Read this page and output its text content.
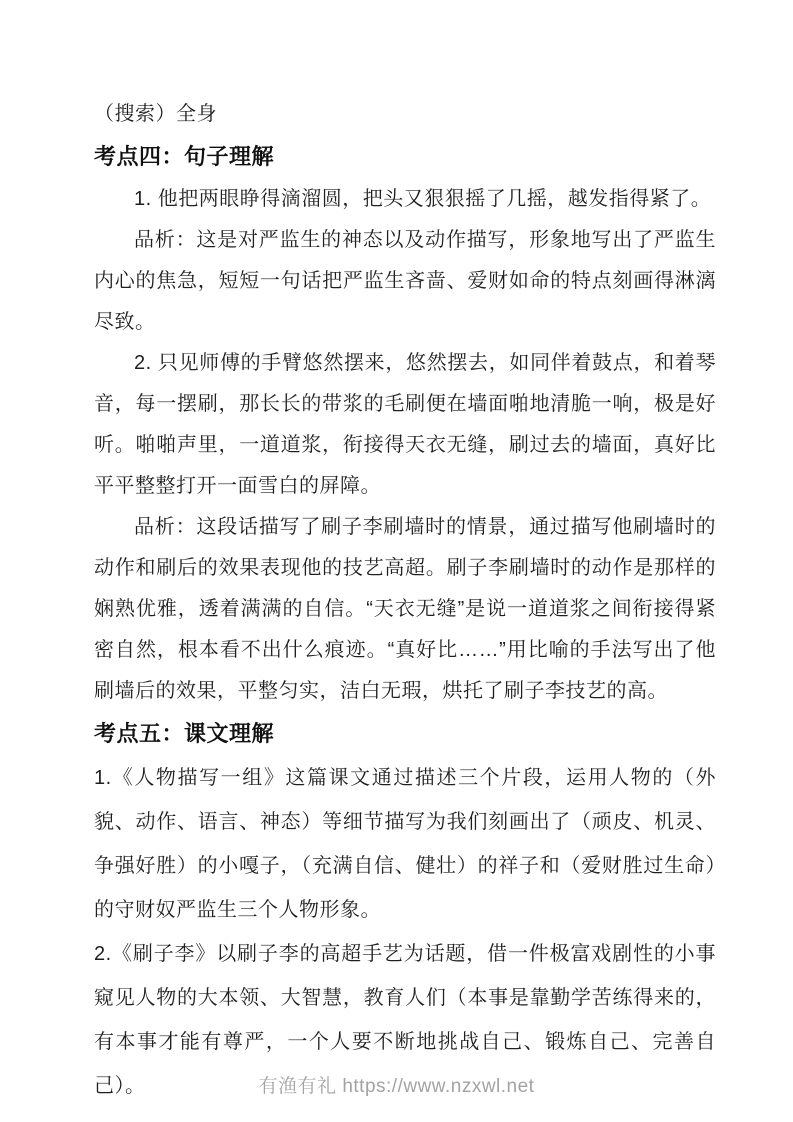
（搜索）全身

考点四：句子理解

1. 他把两眼睁得滴溜圆，把头又狠狠摇了几摇，越发指得紧了。

品析：这是对严监生的神态以及动作描写，形象地写出了严监生内心的焦急，短短一句话把严监生吝啬、爱财如命的特点刻画得淋漓尽致。

2. 只见师傅的手臂悠然摆来，悠然摆去，如同伴着鼓点，和着琴音，每一摆刷，那长长的带浆的毛刷便在墙面啪地清脆一响，极是好听。啪啪声里，一道道浆，衔接得天衣无缝，刷过去的墙面，真好比平平整整打开一面雪白的屏障。

品析：这段话描写了刷子李刷墙时的情景，通过描写他刷墙时的动作和刷后的效果表现他的技艺高超。刷子李刷墙时的动作是那样的娴熟优雅，透着满满的自信。“天衣无缝”是说一道道浆之间衔接得紧密自然，根本看不出什么痕迹。“真好比……”用比喻的手法写出了他刷墙后的效果，平整匀实，洁白无瑕，烘托了刷子李技艺的高。

考点五：课文理解

1.《人物描写一组》这篇课文通过描述三个片段，运用人物的（外貌、动作、语言、神态）等细节描写为我们刻画出了（顽皮、机灵、争强好胜）的小嘎子，（充满自信、健壮）的祥子和（爱财胜过生命）的守财奴严监生三个人物形象。

2.《刷子李》以刷子李的高超手艺为话题，借一件极富戏剧性的小事窥见人物的大本领、大智慧，教育人们（本事是靠勤学苦练得来的，有本事才能有尊严，一个人要不断地挑战自己、锻炼自己、完善自己）。	有渔有礼 https://www.nzxwl.net
